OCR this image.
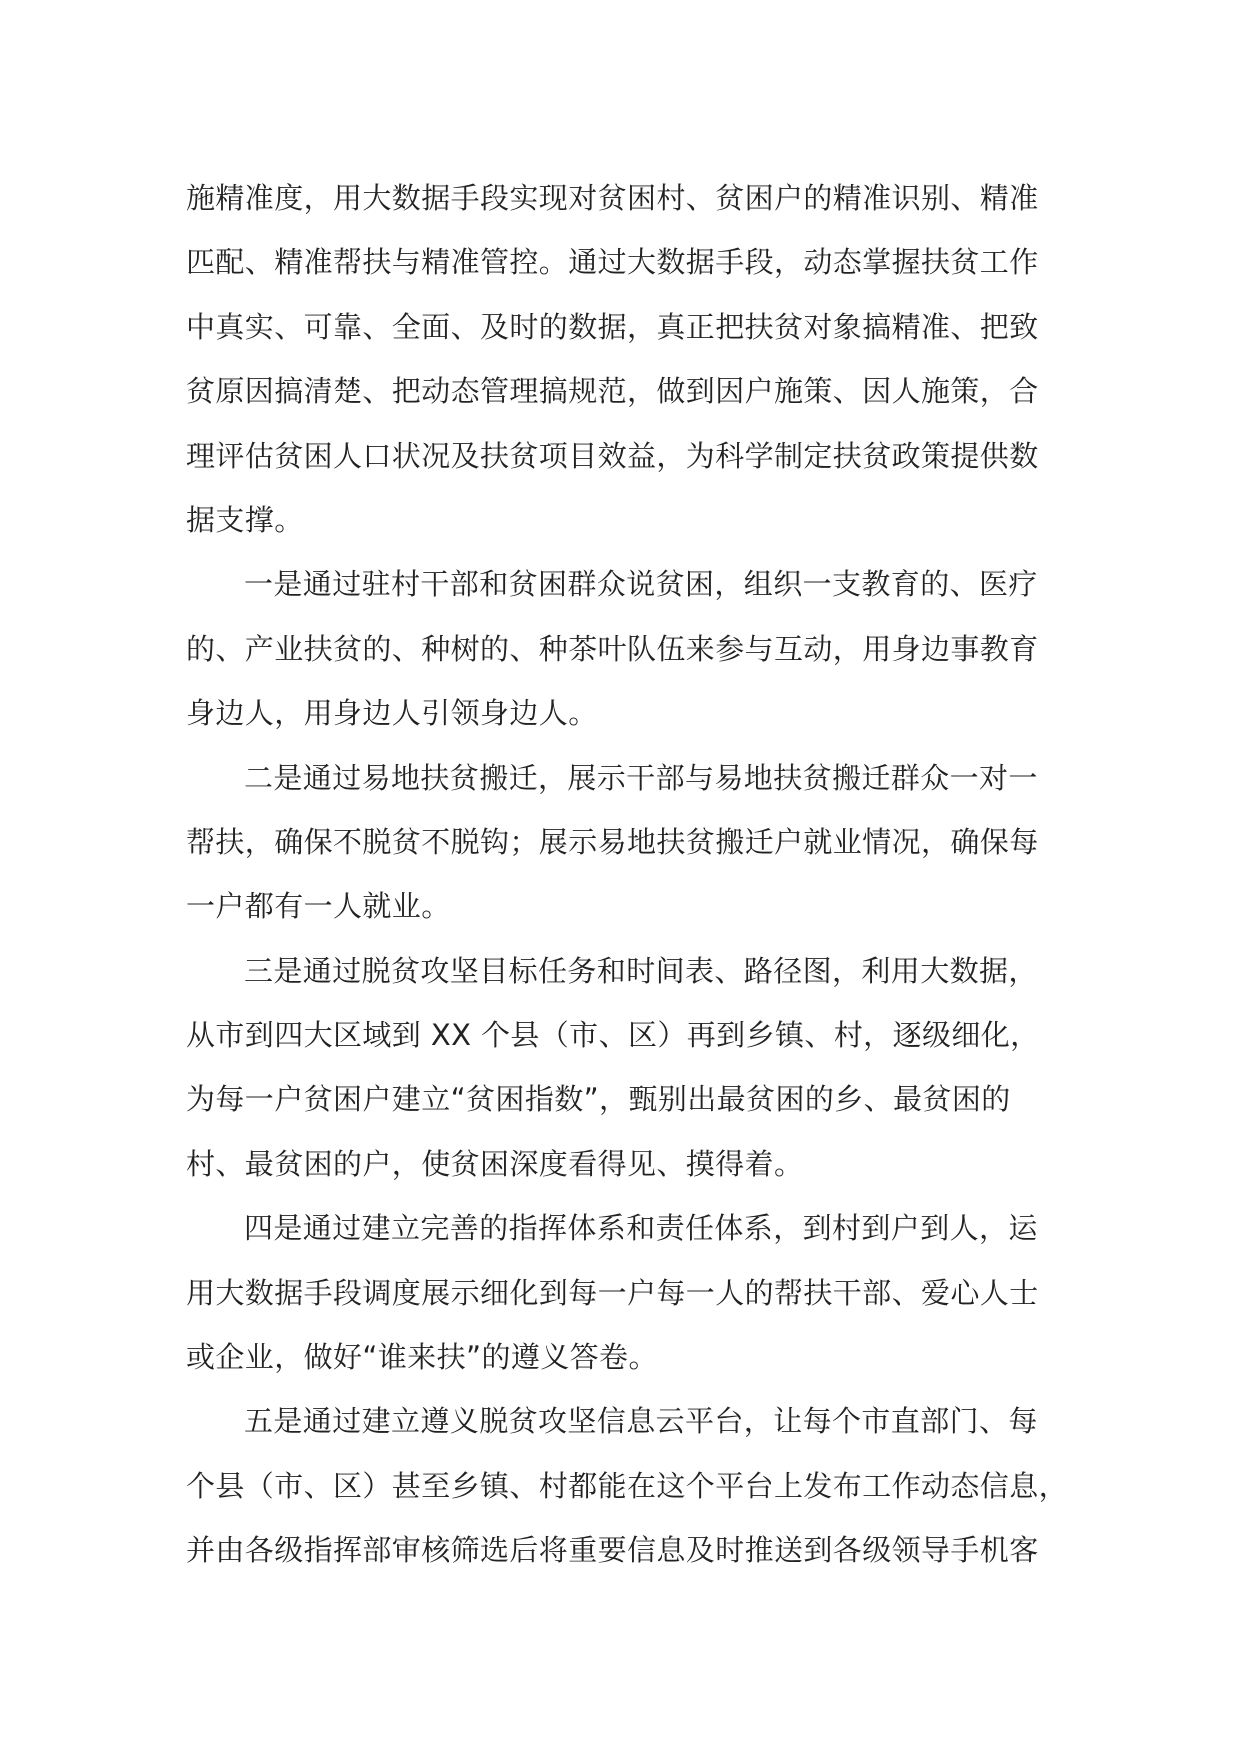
施精准度，用大数据手段实现对贫困村、贫困户的精准识别、精准
匹配、精准帮扶与精准管控。通过大数据手段，动态掌握扶贫工作
中真实、可靠、全面、及时的数据，真正把扶贫对象搞精准、把致
贫原因搞清楚、把动态管理搞规范，做到因户施策、因人施策，合
理评估贫困人口状况及扶贫项目效益，为科学制定扶贫政策提供数
据支撑。
一是通过驻村干部和贫困群众说贫困，组织一支教育的、医疗
的、产业扶贫的、种树的、种茶叶队伍来参与互动，用身边事教育
身边人，用身边人引领身边人。
二是通过易地扶贫搬迁，展示干部与易地扶贫搬迁群众一对一
帮扶，确保不脱贫不脱钩；展示易地扶贫搬迁户就业情况，确保每
一户都有一人就业。
三是通过脱贫攻坚目标任务和时间表、路径图，利用大数据，
从市到四大区域到 XX 个县（市、区）再到乡镇、村，逐级细化，
为每一户贫困户建立“贫困指数”，甄别出最贫困的乡、最贫困的
村、最贫困的户，使贫困深度看得见、摸得着。
四是通过建立完善的指挥体系和责任体系，到村到户到人，运
用大数据手段调度展示细化到每一户每一人的帮扶干部、爱心人士
或企业，做好“谁来扶”的遵义答卷。
五是通过建立遵义脱贫攻坚信息云平台，让每个市直部门、每
个县（市、区）甚至乡镇、村都能在这个平台上发布工作动态信息，
并由各级指挥部审核筛选后将重要信息及时推送到各级领导手机客
